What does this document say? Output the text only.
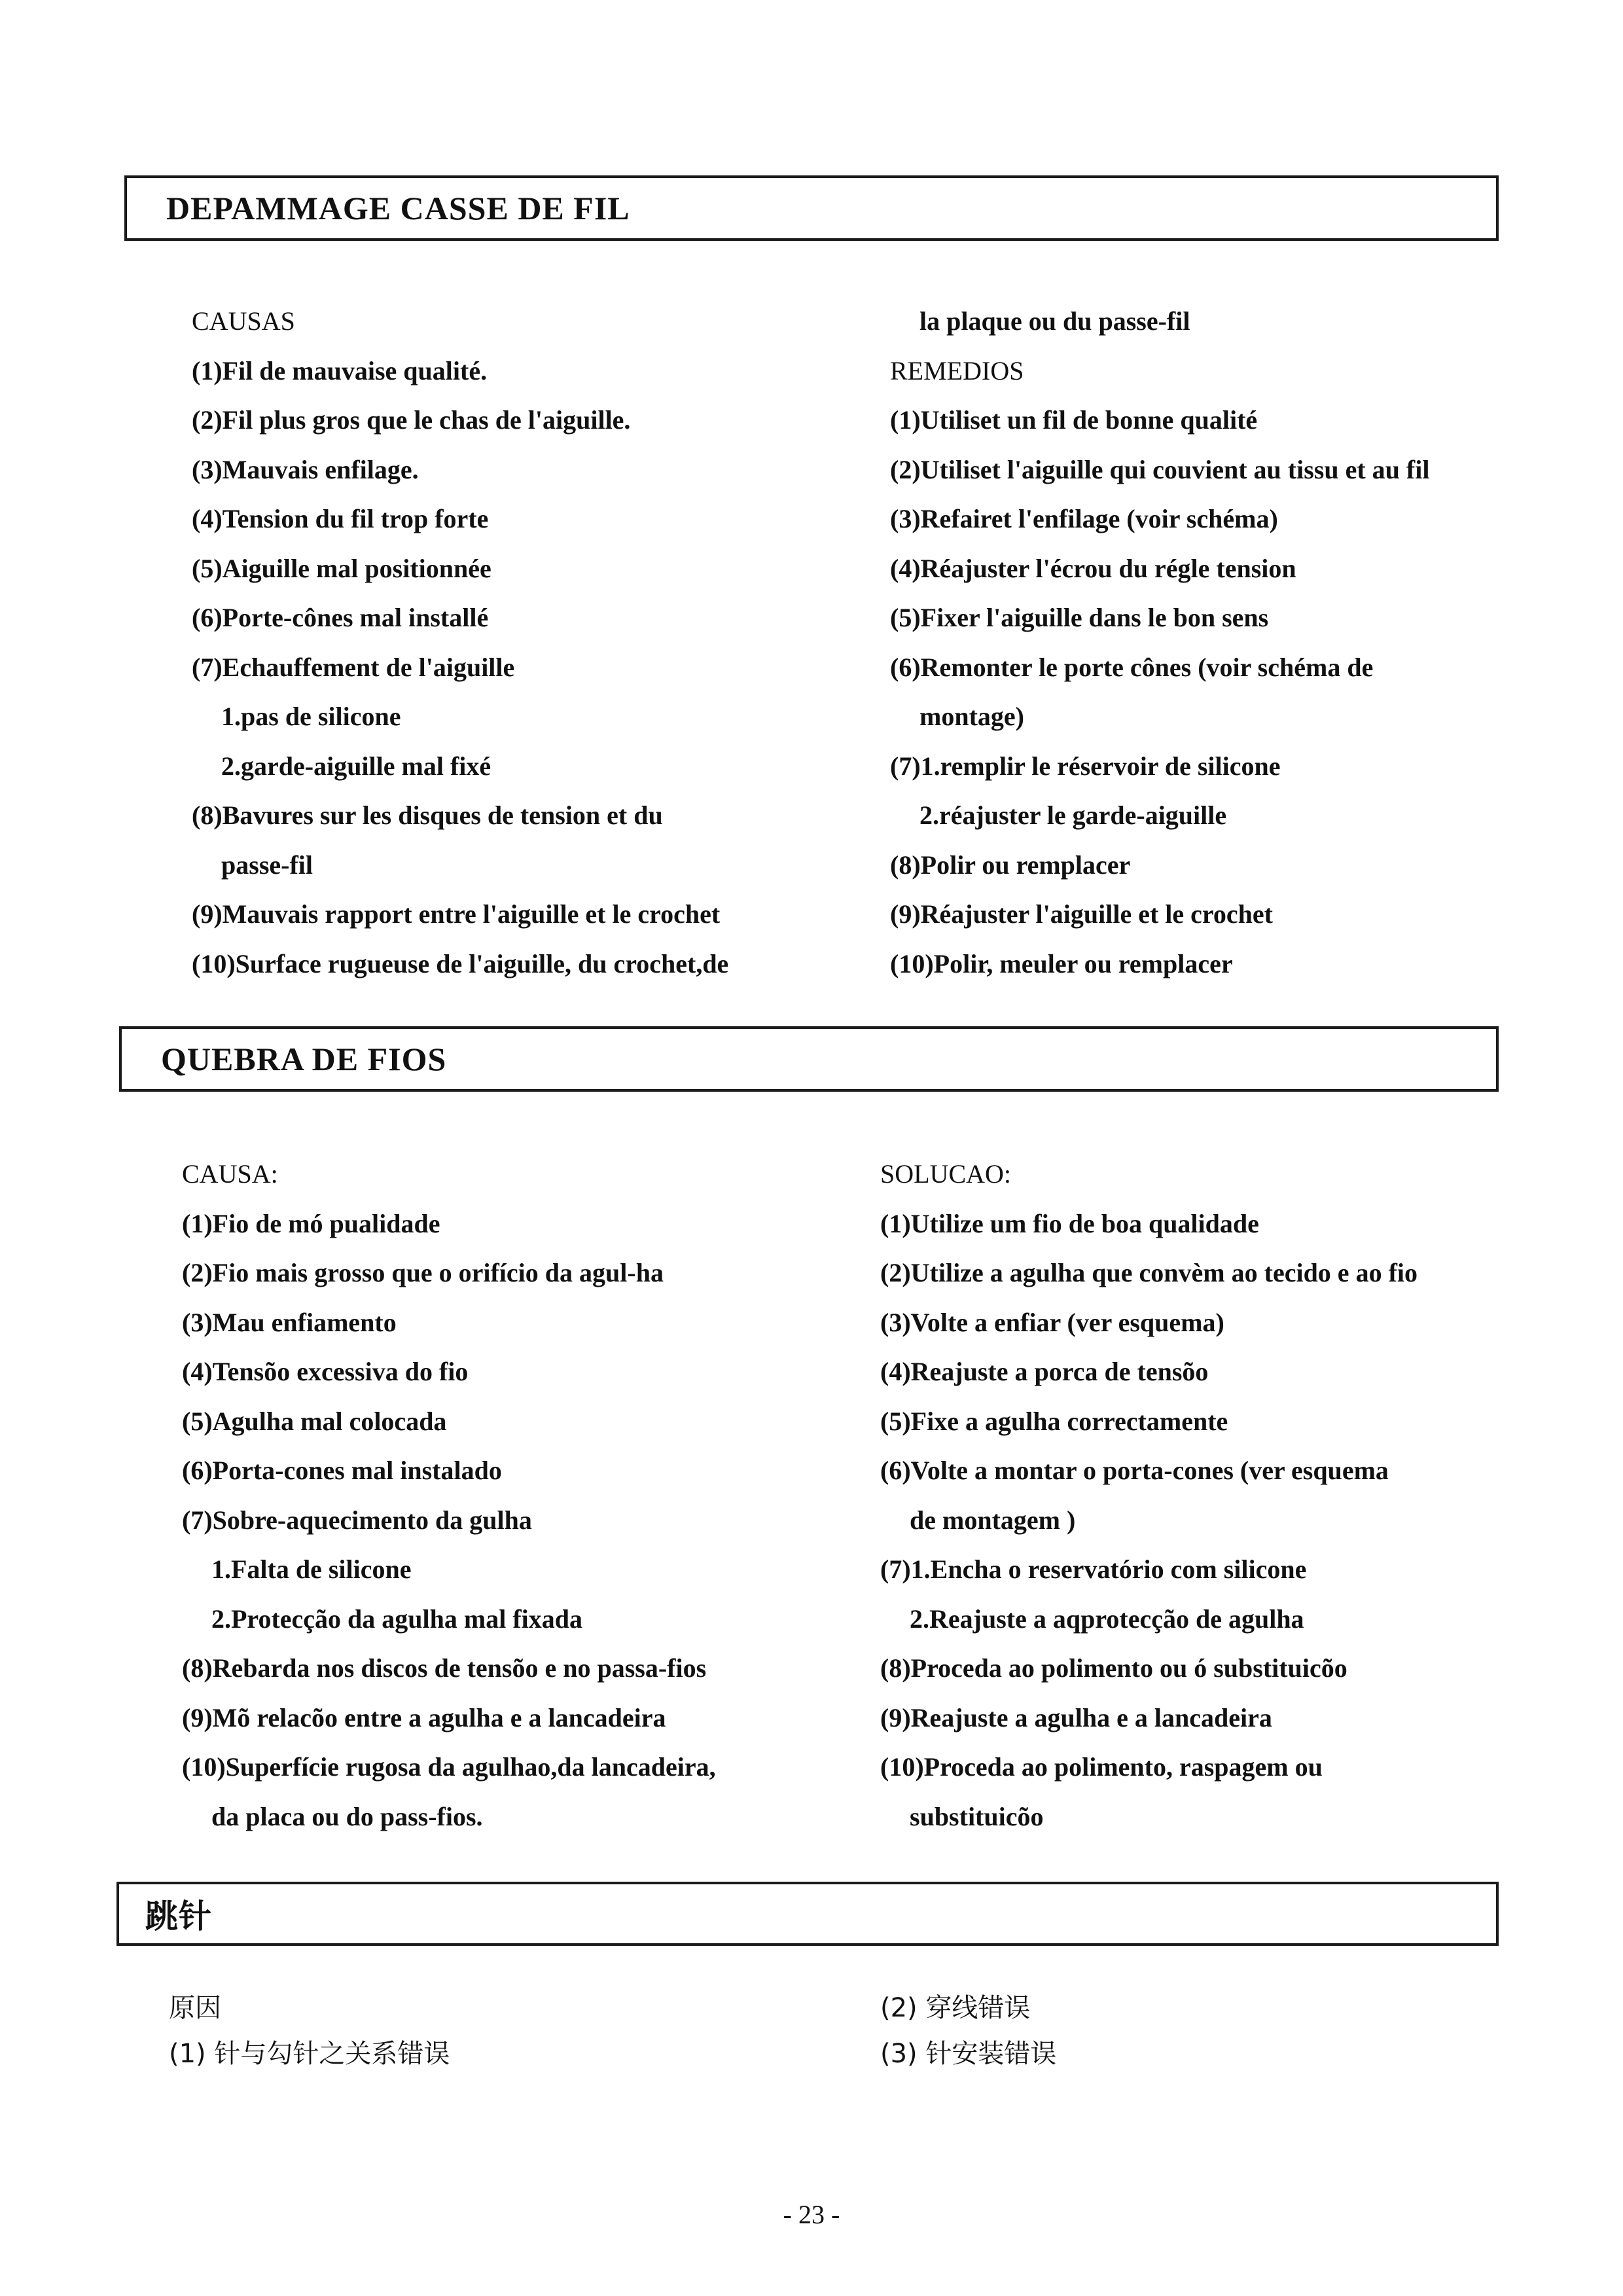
DEPAMMAGE CASSE DE FIL
CAUSAS
(1)Fil de mauvaise qualité.
(2)Fil plus gros que le chas de l'aiguille.
(3)Mauvais enfilage.
(4)Tension du fil trop forte
(5)Aiguille mal positionnée
(6)Porte-cônes mal installé
(7)Echauffement de l'aiguille
1.pas de silicone
2.garde-aiguille mal fixé
(8)Bavures sur les disques de tension et du
passe-fil
(9)Mauvais rapport entre l'aiguille et le crochet
(10)Surface rugueuse de l'aiguille, du crochet,de
la plaque ou du passe-fil
REMEDIOS
(1)Utiliset un fil de bonne qualité
(2)Utiliset l'aiguille qui couvient au tissu et au fil
(3)Refairet l'enfilage (voir schéma)
(4)Réajuster l'écrou du régle tension
(5)Fixer l'aiguille dans le bon sens
(6)Remonter le porte cônes (voir schéma de
montage)
(7)1.remplir le réservoir de silicone
2.réajuster le garde-aiguille
(8)Polir ou remplacer
(9)Réajuster l'aiguille et le crochet
(10)Polir, meuler ou remplacer
QUEBRA DE FIOS
CAUSA:
(1)Fio de mó pualidade
(2)Fio mais grosso que o orifício da agul-ha
(3)Mau enfiamento
(4)Tensõo excessiva do fio
(5)Agulha mal colocada
(6)Porta-cones mal instalado
(7)Sobre-aquecimento da gulha
1.Falta de silicone
2.Protecção da agulha mal fixada
(8)Rebarda nos discos de tensõo e no passa-fios
(9)Mõ relacõo entre a agulha e a lancadeira
(10)Superfície rugosa da agulhao,da lancadeira,
da placa ou do pass-fios.
SOLUCAO:
(1)Utilize um fio de boa qualidade
(2)Utilize a agulha que convèm ao tecido e ao fio
(3)Volte a enfiar (ver esquema)
(4)Reajuste a porca de tensõo
(5)Fixe a agulha correctamente
(6)Volte a montar o porta-cones (ver esquema
de montagem )
(7)1.Encha o reservatório com silicone
2.Reajuste a aqprotecção de agulha
(8)Proceda ao polimento ou ó substituicõo
(9)Reajuste a agulha e a lancadeira
(10)Proceda ao polimento, raspagem ou
substituicõo
跳针
原因
(1) 针与勾针之关系错误
(2) 穿线错误
(3) 针安装错误
- 23 -
